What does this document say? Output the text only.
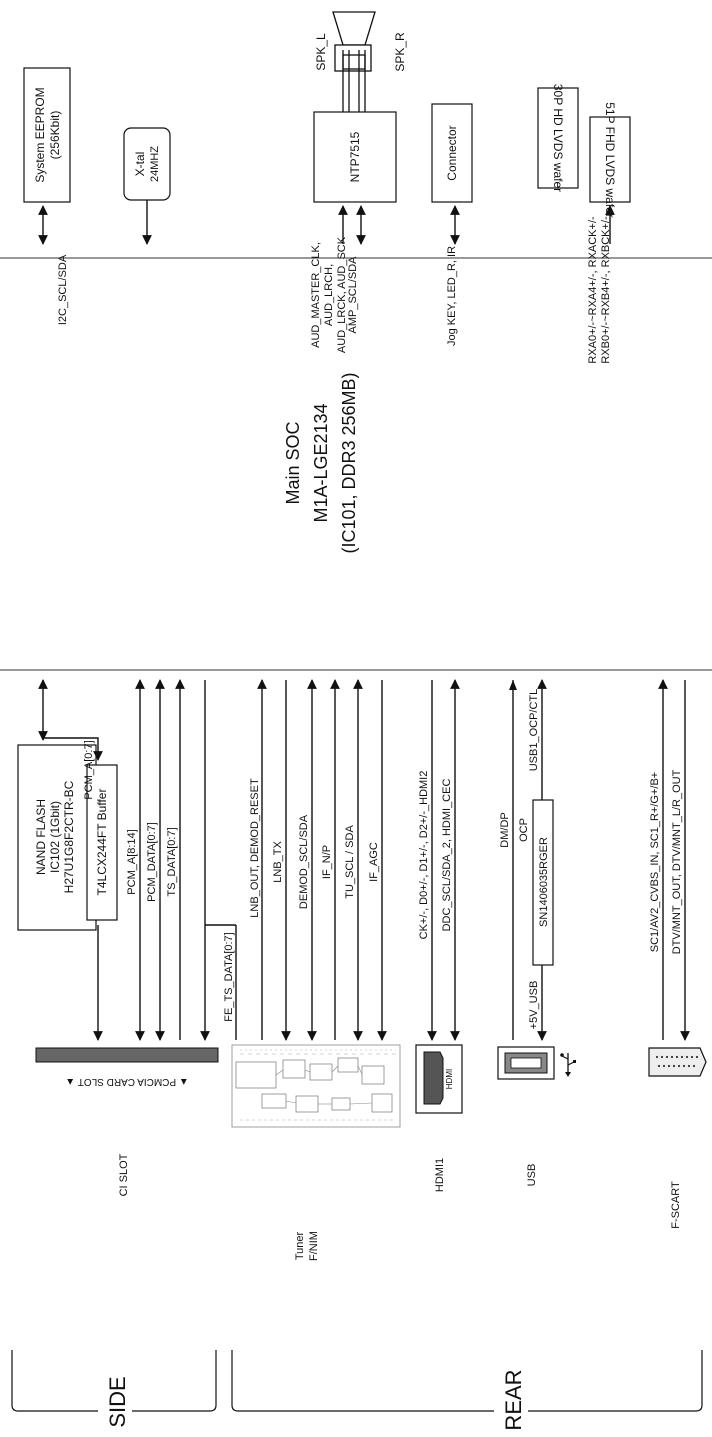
Main SOC M1A-LGE2134 (IC101, DDR3 256MB)
System EEPROM (256Kbit)
I2C_SCL/SDA
X-tal 24MHZ
SPK_L	SPK_R
NTP7515
AUD_MASTER_CLK, AUD_LRCH, AUD_LRCK, AUD_SCK AMP_SCL/SDA
Connector
Jog KEY, LED_R, IR
30P HD LVDS wafer	51P FHD LVDS wafer
RXA0+/-~RXA4+/-, RXACK+/- RXB0+/-~RXB4+/-, RXBCK+/-
NAND FLASH IC102 (1Gbit) H27U1G8F2CTR-BC T4LCX244FT Buffer
PCM_A[0:7]
PCM_A[8:14] PCM_DATA[0:7] TS_DATA[0:7]
FE_TS_DATA[0:7]
LNB_OUT, DEMOD_RESET LNB_TX DEMOD_SCL/SDA IF_N/P TU_SCL / SDA IF_AGC	CK+/-, D0+/-, D1+/-, D2+/-_HDMI2 DDC_SCL/SDA_2, HDMI_CEC	DM/DP
+5V_USB
SN1406035RGER
OCP
USB1_OCP/CTL
SC1/AV2_CVBS_IN, SC1_R+/G+/B+ DTV/MNT_OUT, DTV/MNT_L/R_OUT
▲ PCMCIA CARD SLOT ▲	HDMI
CI SLOT
Tuner F/NIM
HDMI1	USB
F-SCART
SIDE	REAR
